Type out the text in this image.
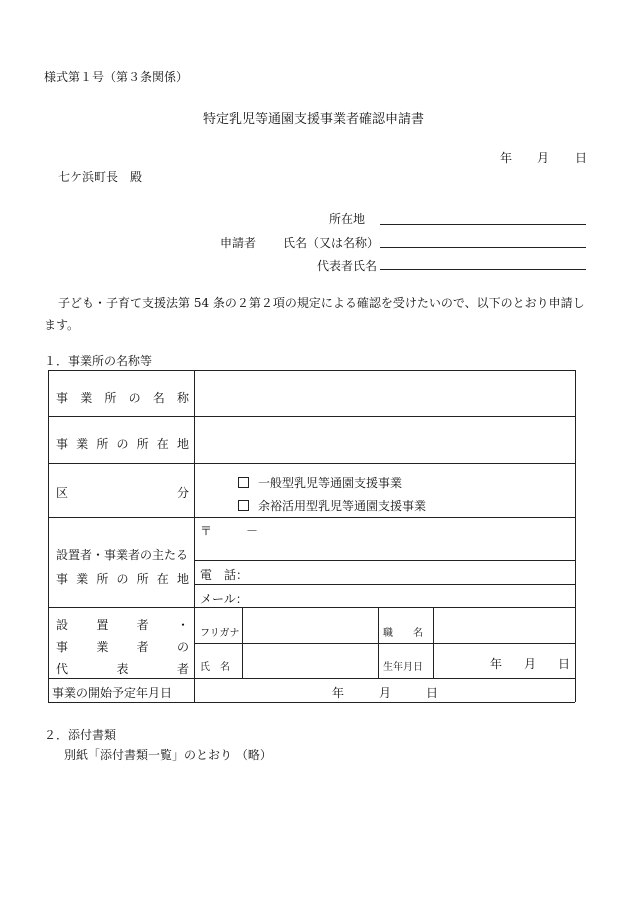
様式第１号（第３条関係）
特定乳児等通園支援事業者確認申請書
年 月 日
七ケ浜町長　殿
所在地
申請者 氏名（又は名称）
代表者氏名
子ども・子育て支援法第 54 条の２第２項の規定による確認を受けたいので、以下のとおり申請し
ます。
１．事業所の名称等
事 業 所 の 名 称
事 業 所 の 所 在 地
区	分
一般型乳児等通園支援事業
余裕活用型乳児等通園支援事業
設置者・事業者の主たる
事 業 所 の 所 在 地
〒	－
電　話：
メール：
設 置 者 ・
事 業 者 の
代	表	者
フリガナ	職　　名
氏　名	生年月日	年 月 日
事業の開始予定年月日	年	月	日
２．添付書類
別紙「添付書類一覧」のとおり （略）
